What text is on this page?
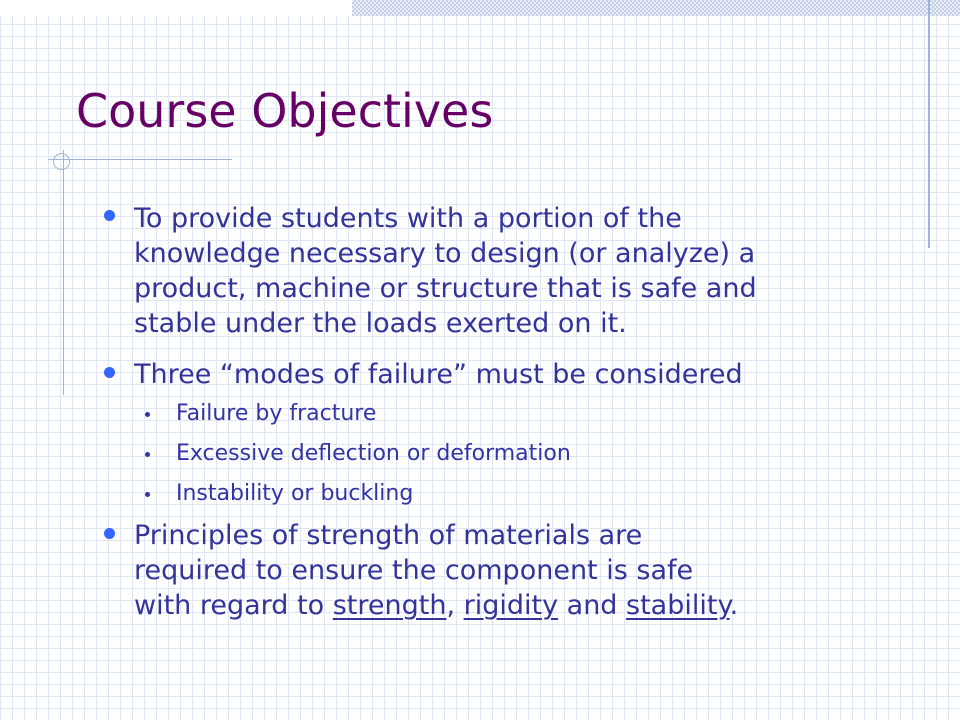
Course Objectives

To provide students with a portion of the

knowledge necessary to design (or analyze) a

product, machine or structure that is safe and

stable under the loads exerted on it.

Three “modes of failure” must be considered

Failure by fracture

Excessive deflection or deformation

Instability or buckling

Principles of strength of materials are

required to ensure the component is safe

with regard to strength, rigidity and stability.
